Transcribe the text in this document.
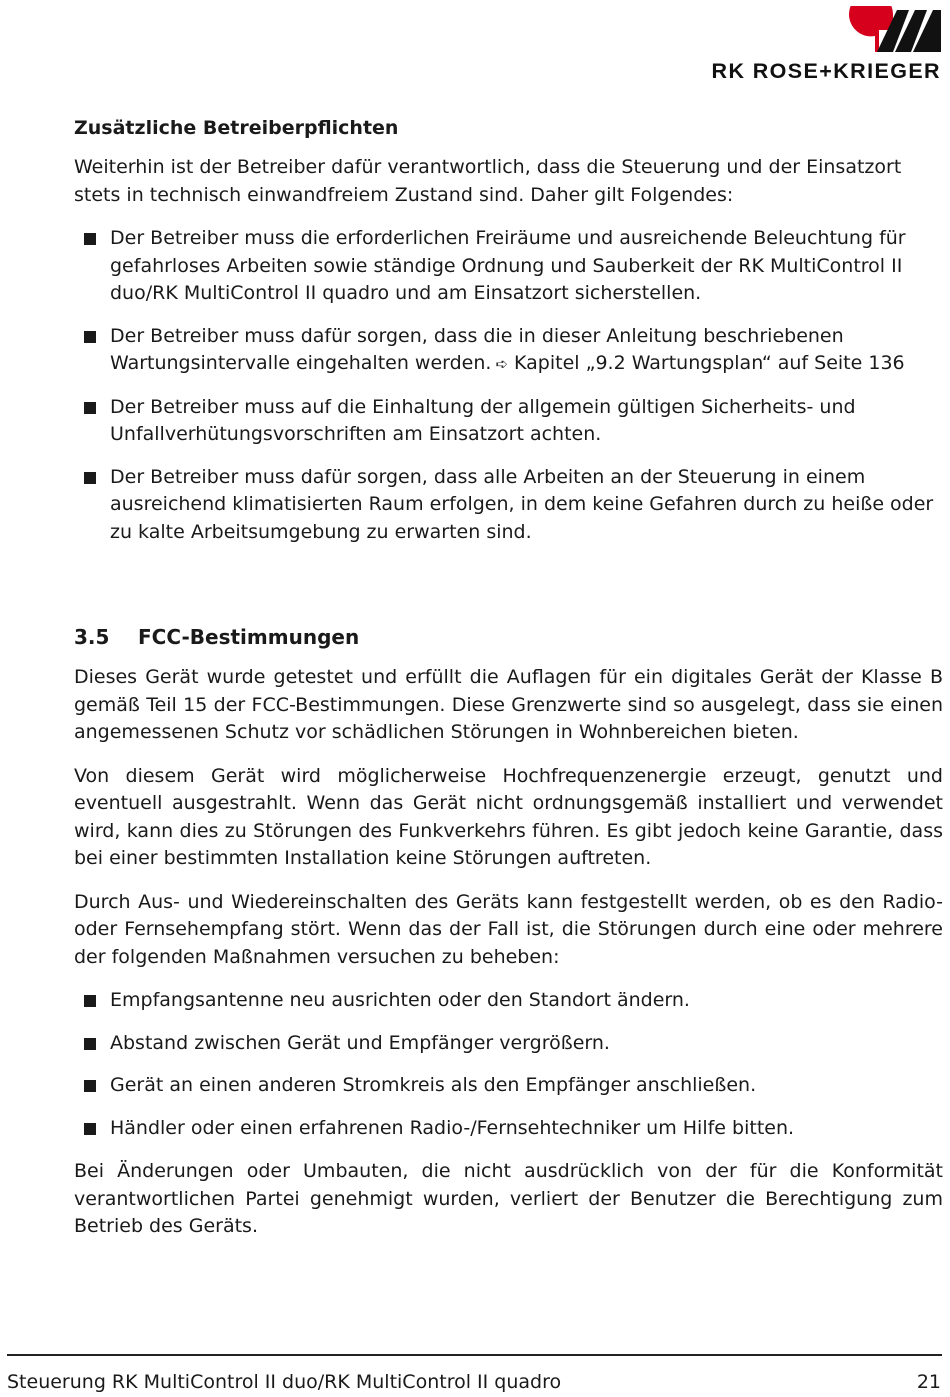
RK ROSE+KRIEGER
Zusätzliche Betreiberpflichten

Weiterhin ist der Betreiber dafür verantwortlich, dass die Steuerung und der Einsatzort stets in technisch einwandfreiem Zustand sind. Daher gilt Folgendes:

Der Betreiber muss die erforderlichen Freiräume und ausreichende Beleuchtung für gefahrloses Arbeiten sowie ständige Ordnung und Sauberkeit der RK MultiControl II duo/RK MultiControl II quadro und am Einsatzort sicherstellen.
Der Betreiber muss dafür sorgen, dass die in dieser Anleitung beschriebenen Wartungsintervalle eingehalten werden. ➪ Kapitel „9.2 Wartungsplan“ auf Seite 136
Der Betreiber muss auf die Einhaltung der allgemein gültigen Sicherheits- und Unfallverhütungsvorschriften am Einsatzort achten.
Der Betreiber muss dafür sorgen, dass alle Arbeiten an der Steuerung in einem ausreichend klimatisierten Raum erfolgen, in dem keine Gefahren durch zu heiße oder zu kalte Arbeitsumgebung zu erwarten sind.
3.5 FCC-Bestimmungen

Dieses Gerät wurde getestet und erfüllt die Auflagen für ein digitales Gerät der Klasse B gemäß Teil 15 der FCC-Bestimmungen. Diese Grenzwerte sind so ausgelegt, dass sie einen angemessenen Schutz vor schädlichen Störungen in Wohnbereichen bieten.

Von diesem Gerät wird möglicherweise Hochfrequenzenergie erzeugt, genutzt und eventuell ausgestrahlt. Wenn das Gerät nicht ordnungsgemäß installiert und verwendet wird, kann dies zu Störungen des Funkverkehrs führen. Es gibt jedoch keine Garantie, dass bei einer bestimmten Installation keine Störungen auftreten.

Durch Aus- und Wiedereinschalten des Geräts kann festgestellt werden, ob es den Radio- oder Fernsehempfang stört. Wenn das der Fall ist, die Störungen durch eine oder mehrere der folgenden Maßnahmen versuchen zu beheben:

Empfangsantenne neu ausrichten oder den Standort ändern.
Abstand zwischen Gerät und Empfänger vergrößern.
Gerät an einen anderen Stromkreis als den Empfänger anschließen.
Händler oder einen erfahrenen Radio-/Fernsehtechniker um Hilfe bitten.

Bei Änderungen oder Umbauten, die nicht ausdrücklich von der für die Konformität verantwortlichen Partei genehmigt wurden, verliert der Benutzer die Berechtigung zum Betrieb des Geräts.

Steuerung RK MultiControl II duo/RK MultiControl II quadro	21
